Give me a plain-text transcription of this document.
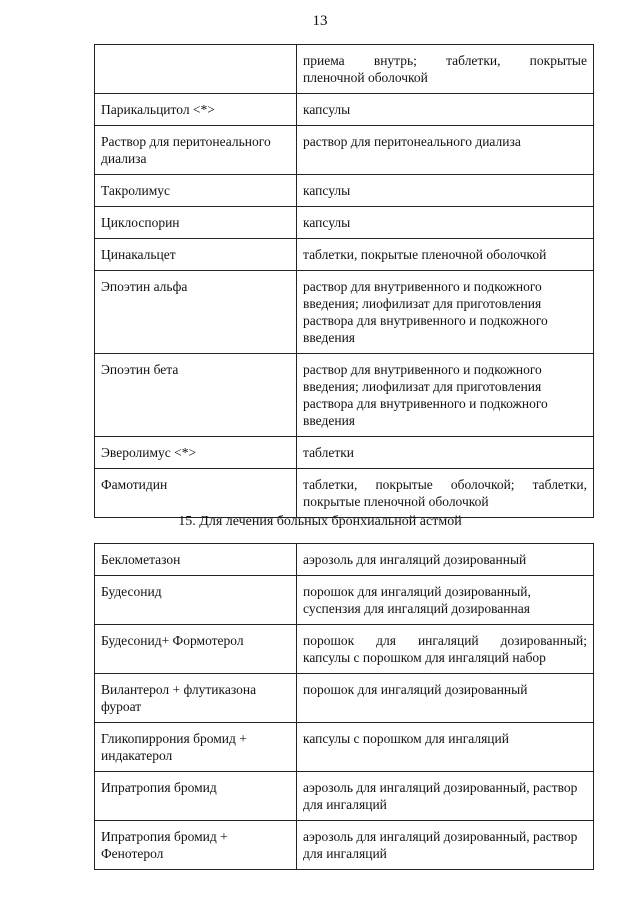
13
	приема внутрь; таблетки, покрытые
пленочной оболочкой

Парикальцитол <*>	капсулы
Раствор для перитонеального диализа	раствор для перитонеального диализа
Такролимус	капсулы
Циклоспорин	капсулы
Цинакальцет	таблетки, покрытые пленочной оболочкой
Эпоэтин альфа	раствор для внутривенного и подкожного введения; лиофилизат для приготовления раствора для внутривенного и подкожного введения
Эпоэтин бета	раствор для внутривенного и подкожного введения; лиофилизат для приготовления раствора для внутривенного и подкожного введения
Эверолимус <*>	таблетки
Фамотидин	таблетки, покрытые оболочкой; таблетки,
покрытые пленочной оболочкой
15. Для лечения больных бронхиальной астмой
Беклометазон	аэрозоль для ингаляций дозированный
Будесонид	порошок для ингаляций дозированный, суспензия для ингаляций дозированная
Будесонид+ Формотерол	порошок для ингаляций дозированный;
капсулы с порошком для ингаляций набор

Вилантерол + флутиказона фуроат	порошок для ингаляций дозированный
Гликопиррония бромид + индакатерол	капсулы с порошком для ингаляций
Ипратропия бромид	аэрозоль для ингаляций дозированный, раствор для ингаляций
Ипратропия бромид + Фенотерол	аэрозоль для ингаляций дозированный, раствор для ингаляций
